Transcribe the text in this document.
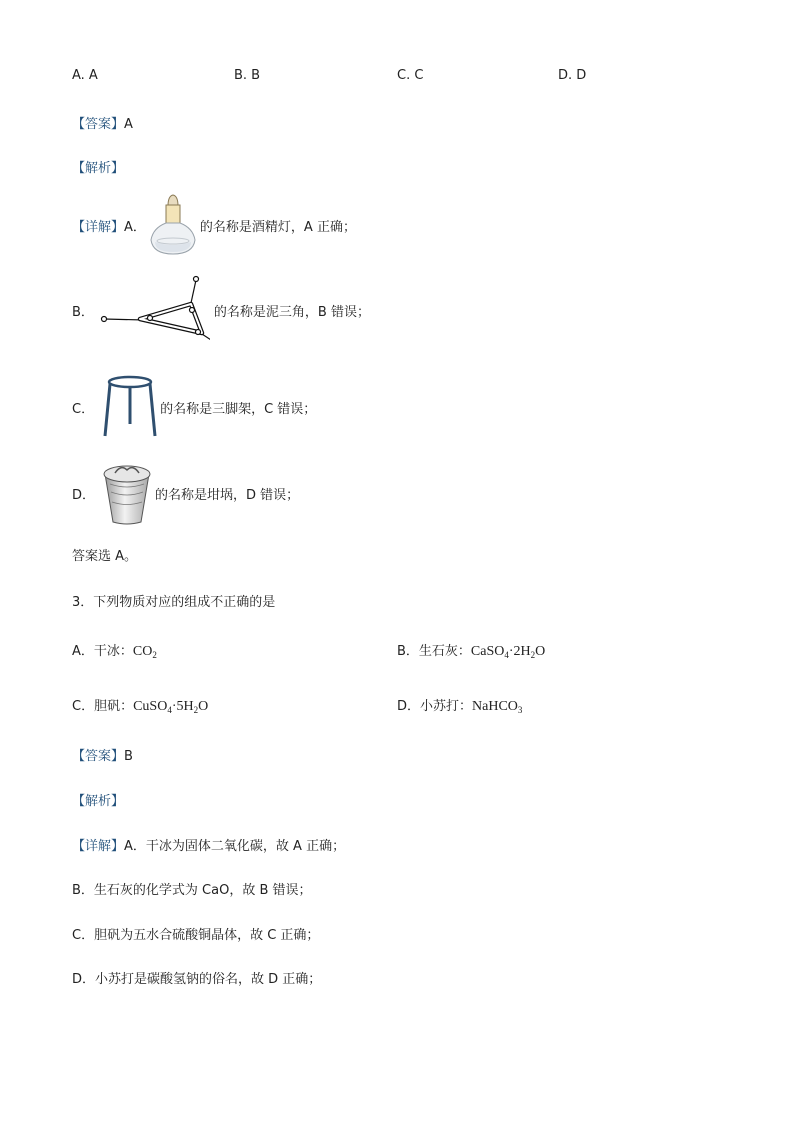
A. A	B. B	C. C	D. D
【答案】A
【解析】
【详解】 A．	的名称是酒精灯，A 正确；
B．	的名称是泥三角，B 错误；
C．	的名称是三脚架，C 错误；
D．	的名称是坩埚，D 错误；
答案选 A。
3．下列物质对应的组成不正确的是
A．干冰：$CO_2$	B．生石灰：$CaSO_4\cdot 2H_2O$
C．胆矾：$CuSO_4\cdot 5H_2O$	D．小苏打：NaHCO$_3$
【答案】B
【解析】
【详解】A．干冰为固体二氧化碳，故 A 正确；
B．生石灰的化学式为 CaO，故 B 错误；
C．胆矾为五水合硫酸铜晶体，故 C 正确；
D．小苏打是碳酸氢钠的俗名，故 D 正确；
